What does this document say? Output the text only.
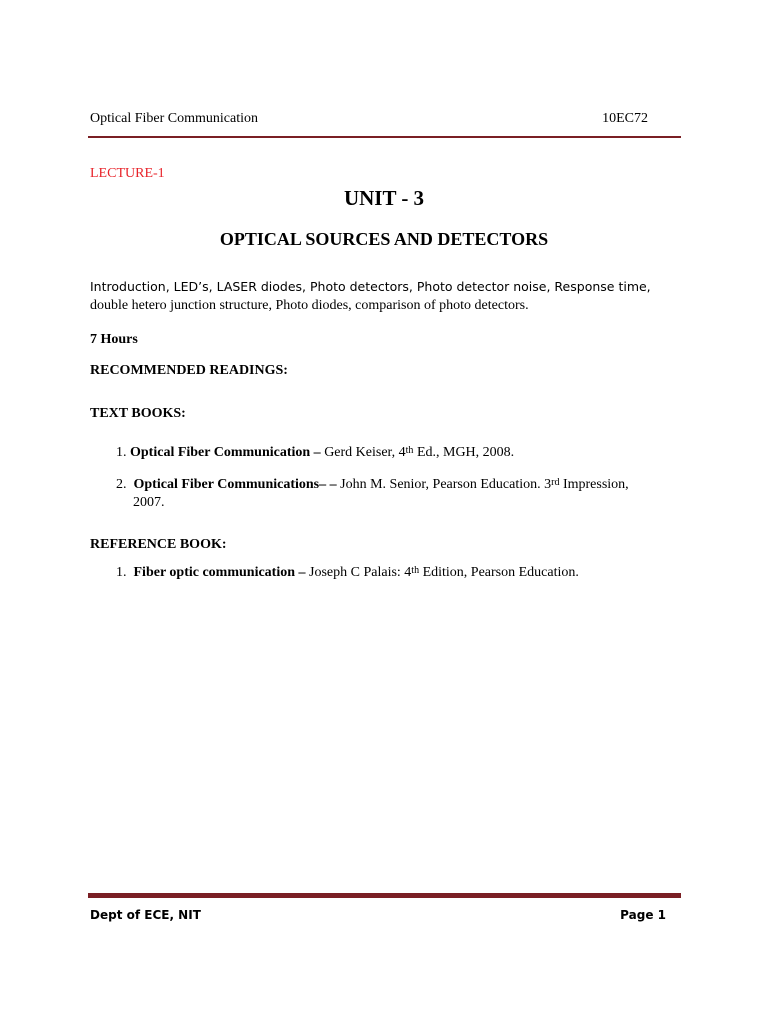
Optical Fiber Communication	10EC72
LECTURE-1
UNIT - 3
OPTICAL SOURCES AND DETECTORS
Introduction, LED’s, LASER diodes, Photo detectors, Photo detector noise, Response time,
double hetero junction structure, Photo diodes, comparison of photo detectors.
7 Hours
RECOMMENDED READINGS:
TEXT BOOKS:
1. Optical Fiber Communication – Gerd Keiser, 4th Ed., MGH, 2008.
2. Optical Fiber Communications– – John M. Senior, Pearson Education. 3rd Impression,
2007.
REFERENCE BOOK:
1. Fiber optic communication – Joseph C Palais: 4th Edition, Pearson Education.
Dept of ECE, NIT	Page 1
